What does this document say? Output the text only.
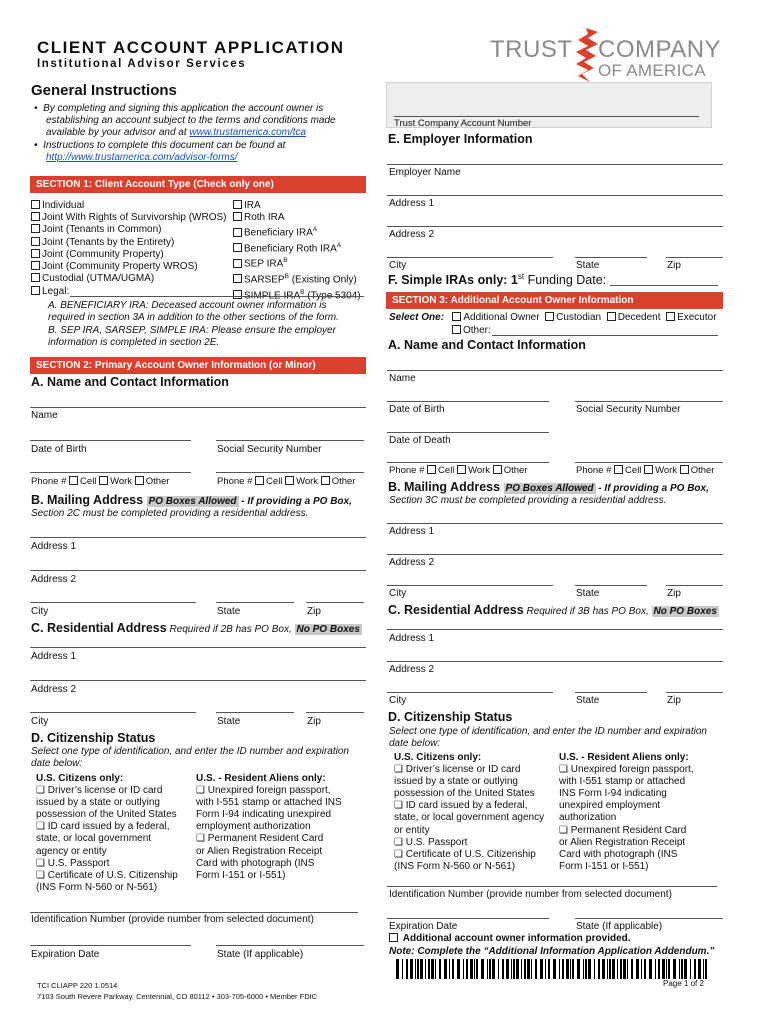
CLIENT ACCOUNT APPLICATION
Institutional Advisor Services
TRUST COMPANY
OF AMERICA
General Instructions
•  By completing and signing this application the account owner is
establishing an account subject to the terms and conditions made
available by your advisor and at www.trustamerica.com/tca
•  Instructions to complete this document can be found at
http://www.trustamerica.com/advisor-forms/
SECTION 1: Client Account Type (Check only one)
Individual
Joint With Rights of Survivorship (WROS)
Joint (Tenants in Common)
Joint (Tenants by the Entirety)
Joint (Community Property)
Joint (Community Property WROS)
Custodial (UTMA/UGMA)
IRA
Roth IRA
Beneficiary $IRA^A$
Beneficiary Roth $IRA^A$
SEP $IRA^B$
$SARSEP^B$ (Existing Only)
SIMPLE $IRA^B$ (Type 5304)
Legal:
A. BENEFICIARY IRA: Deceased account owner information is
required in section 3A in addition to the other sections of the form.
B. SEP IRA, SARSEP, SIMPLE IRA: Please ensure the employer
information is completed in section 2E.
SECTION 2: Primary Account Owner Information (or Minor)
A. Name and Contact Information
Name
Date of Birth	Social Security Number
Phone # Cell Work Other	Phone # Cell Work Other
B. Mailing Address PO Boxes Allowed - If providing a PO Box,
Section 2C must be completed providing a residential address.
Address 1
Address 2
City	State	Zip
C. Residential Address Required if 2B has PO Box, No PO Boxes
Address 1
Address 2
City	State	Zip
D. Citizenship Status
Select one type of identification, and enter the ID number and expiration
date below:
U.S. Citizens only:
❏ Driver’s license or ID card
issued by a state or outlying
possession of the United States
❏ ID card issued by a federal,
state, or local government
agency or entity
❏ U.S. Passport
❏ Certificate of U.S. Citizenship
(INS Form N-560 or N-561)
U.S. - Resident Aliens only:
❏ Unexpired foreign passport,
with I-551 stamp or attached INS
Form I-94 indicating unexpired
employment authorization
❏ Permanent Resident Card
or Alien Registration Receipt
Card with photograph (INS
Form I-151 or I-551)
Identification Number (provide number from selected document)
Expiration Date	State (If applicable)
Trust Company Account Number
E. Employer Information
Employer Name
Address 1
Address 2
City	State	Zip
F. Simple IRAs only: 1st Funding Date:
SECTION 3: Additional Account Owner Information
Select One: Additional Owner Custodian Decedent Executor
Other:
A. Name and Contact Information
Name
Date of Birth	Social Security Number
Date of Death
Phone # Cell Work Other	Phone # Cell Work Other
B. Mailing Address PO Boxes Allowed - If providing a PO Box,
Section 3C must be completed providing a residential address.
Address 1
Address 2
City	State	Zip
C. Residential Address Required if 3B has PO Box, No PO Boxes
Address 1
Address 2
City	State	Zip
D. Citizenship Status
Select one type of identification, and enter the ID number and expiration
date below:
U.S. Citizens only:
❏ Driver’s license or ID card
issued by a state or outlying
possession of the United States
❏ ID card issued by a federal,
state, or local government agency
or entity
❏ U.S. Passport
❏ Certificate of U.S. Citizenship
(INS Form N-560 or N-561)
U.S. - Resident Aliens only:
❏ Unexpired foreign passport,
with I-551 stamp or attached
INS Form I-94 indicating
unexpired employment
authorization
❏ Permanent Resident Card
or Alien Registration Receipt
Card with photograph (INS
Form I-151 or I-551)
Identification Number (provide number from selected document)
Expiration Date	State (If applicable)
Additional account owner information provided.
Note: Complete the “Additional Information Application Addendum.”
TCI CLIAPP 220 1.0514
7103 South Revere Parkway, Centennial, CO 80112 • 303-705-6000 • Member FDIC
Page 1 of 2
